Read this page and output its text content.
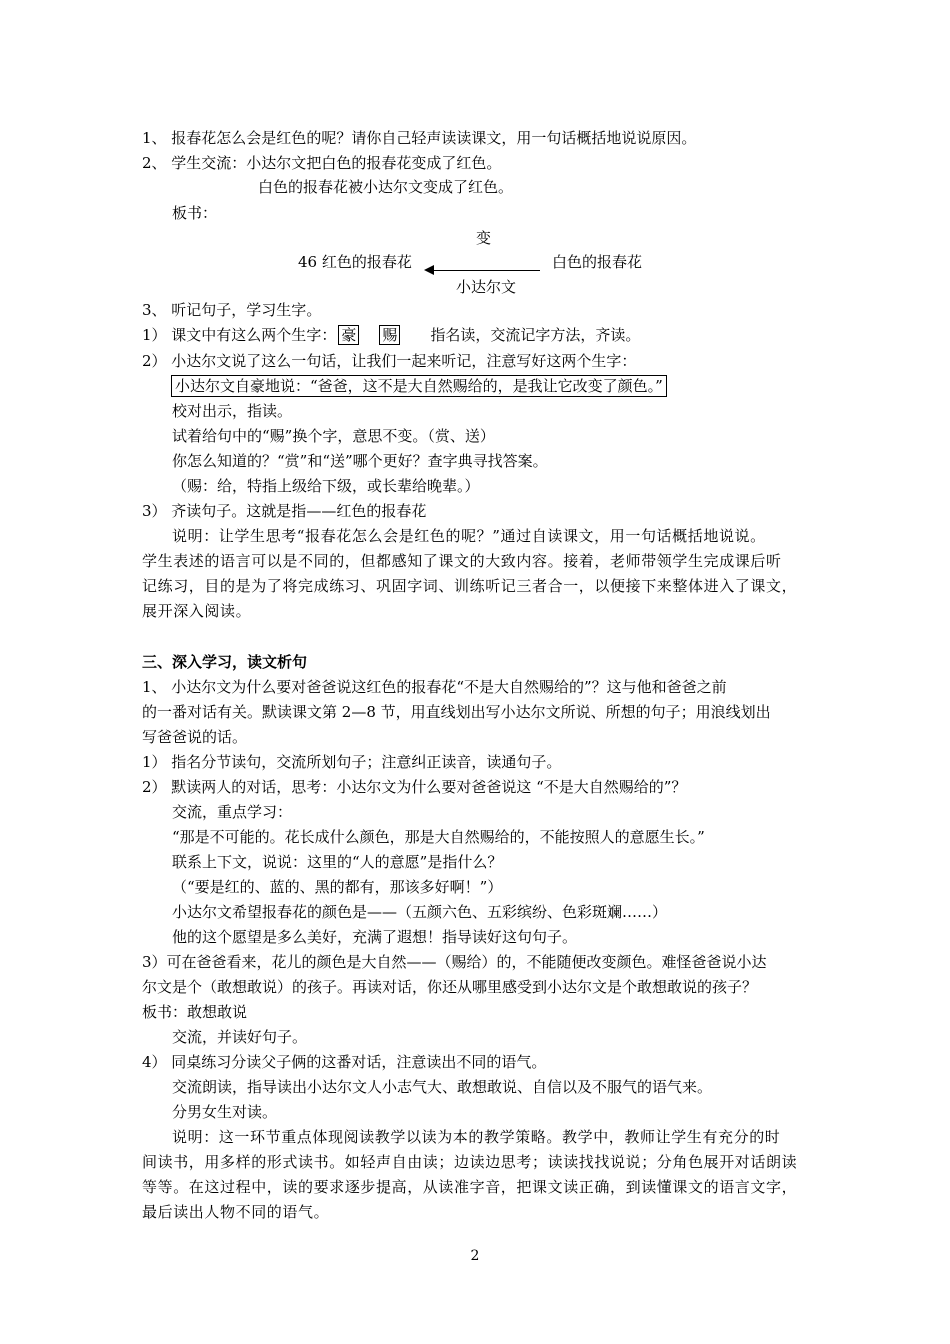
1、 报春花怎么会是红色的呢？请你自己轻声读读课文，用一句话概括地说说原因。
2、 学生交流：小达尔文把白色的报春花变成了红色。
白色的报春花被小达尔文变成了红色。
板书：
变
46 红色的报春花	白色的报春花
小达尔文
3、 听记句子，学习生字。
1） 课文中有这么两个生字： 豪 赐 指名读，交流记字方法，齐读。
2） 小达尔文说了这么一句话，让我们一起来听记，注意写好这两个生字：
小达尔文自豪地说：“爸爸，这不是大自然赐给的，是我让它改变了颜色。”
校对出示，指读。
试着给句中的“赐”换个字，意思不变。（赏、送）
你怎么知道的？“赏”和“送”哪个更好？查字典寻找答案。
（赐：给，特指上级给下级，或长辈给晚辈。）
3） 齐读句子。这就是指——红色的报春花
说明：让学生思考“报春花怎么会是红色的呢？”通过自读课文，用一句话概括地说说。
学生表述的语言可以是不同的，但都感知了课文的大致内容。接着，老师带领学生完成课后听
记练习，目的是为了将完成练习、巩固字词、训练听记三者合一，以便接下来整体进入了课文，
展开深入阅读。
三、深入学习，读文析句
1、 小达尔文为什么要对爸爸说这红色的报春花“不是大自然赐给的”？这与他和爸爸之前
的一番对话有关。默读课文第 2—8 节，用直线划出写小达尔文所说、所想的句子；用浪线划出
写爸爸说的话。
1） 指名分节读句，交流所划句子；注意纠正读音，读通句子。
2） 默读两人的对话，思考：小达尔文为什么要对爸爸说这 “不是大自然赐给的”？
交流，重点学习：
“那是不可能的。花长成什么颜色，那是大自然赐给的，不能按照人的意愿生长。”
联系上下文，说说：这里的“人的意愿”是指什么？
（“要是红的、蓝的、黑的都有，那该多好啊！”）
小达尔文希望报春花的颜色是——（五颜六色、五彩缤纷、色彩斑斓……）
他的这个愿望是多么美好，充满了遐想！指导读好这句句子。
3）可在爸爸看来，花儿的颜色是大自然——（赐给）的，不能随便改变颜色。难怪爸爸说小达
尔文是个（敢想敢说）的孩子。再读对话，你还从哪里感受到小达尔文是个敢想敢说的孩子？
板书：敢想敢说
交流，并读好句子。
4） 同桌练习分读父子俩的这番对话，注意读出不同的语气。
交流朗读，指导读出小达尔文人小志气大、敢想敢说、自信以及不服气的语气来。
分男女生对读。
说明：这一环节重点体现阅读教学以读为本的教学策略。教学中，教师让学生有充分的时
间读书，用多样的形式读书。如轻声自由读；边读边思考；读读找找说说；分角色展开对话朗读
等等。在这过程中，读的要求逐步提高，从读准字音，把课文读正确，到读懂课文的语言文字，
最后读出人物不同的语气。
2
